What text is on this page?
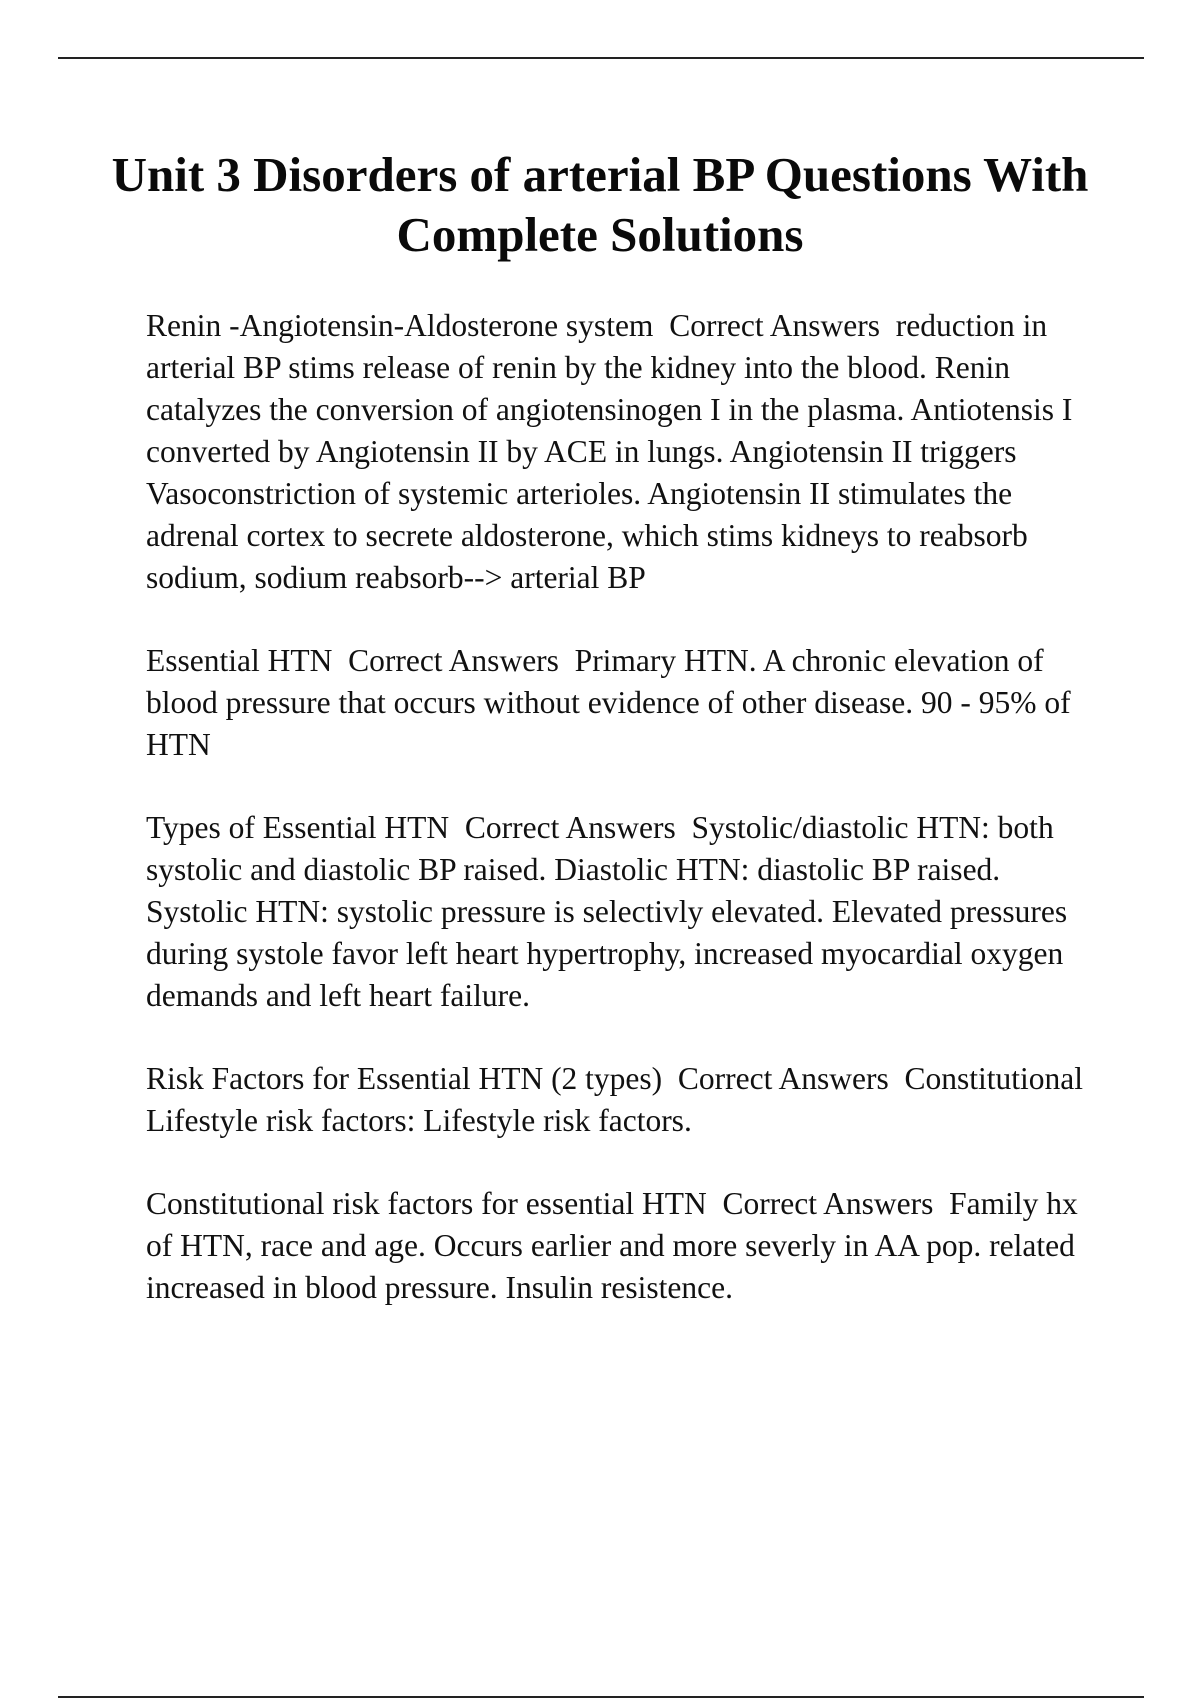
Unit 3 Disorders of arterial BP Questions With Complete Solutions

Renin -Angiotensin-Aldosterone system Correct Answers reduction in arterial BP stims release of renin by the kidney into the blood. Renin catalyzes the conversion of angiotensinogen I in the plasma. Antiotensis I converted by Angiotensin II by ACE in lungs. Angiotensin II triggers Vasoconstriction of systemic arterioles. Angiotensin II stimulates the adrenal cortex to secrete aldosterone, which stims kidneys to reabsorb sodium, sodium reabsorb--> arterial BP

Essential HTN Correct Answers Primary HTN. A chronic elevation of blood pressure that occurs without evidence of other disease. 90 - 95% of HTN

Types of Essential HTN Correct Answers Systolic/diastolic HTN: both systolic and diastolic BP raised. Diastolic HTN: diastolic BP raised. Systolic HTN: systolic pressure is selectivly elevated. Elevated pressures during systole favor left heart hypertrophy, increased myocardial oxygen demands and left heart failure.

Risk Factors for Essential HTN (2 types) Correct Answers Constitutional Lifestyle risk factors: Lifestyle risk factors.

Constitutional risk factors for essential HTN Correct Answers Family hx of HTN, race and age. Occurs earlier and more severly in AA pop. related increased in blood pressure. Insulin resistence.
